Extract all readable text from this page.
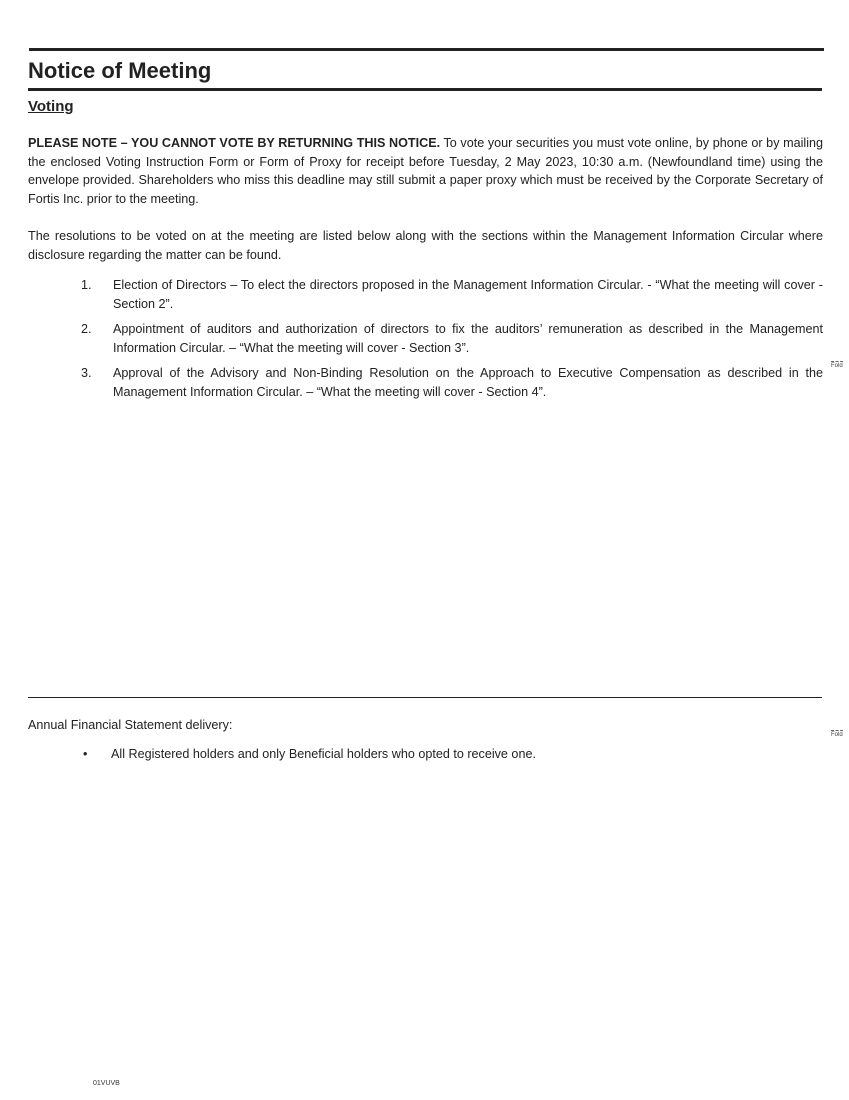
Notice of Meeting
Voting

PLEASE NOTE – YOU CANNOT VOTE BY RETURNING THIS NOTICE. To vote your securities you must vote online, by phone or by mailing the enclosed Voting Instruction Form or Form of Proxy for receipt before Tuesday, 2 May 2023, 10:30 a.m. (Newfoundland time) using the envelope provided. Shareholders who miss this deadline may still submit a paper proxy which must be received by the Corporate Secretary of Fortis Inc. prior to the meeting.

The resolutions to be voted on at the meeting are listed below along with the sections within the Management Information Circular where disclosure regarding the matter can be found.

1. Election of Directors – To elect the directors proposed in the Management Information Circular. - “What the meeting will cover - Section 2”.
2. Appointment of auditors and authorization of directors to fix the auditors’ remuneration as described in the Management Information Circular. – “What the meeting will cover - Section 3”.
3. Approval of the Advisory and Non-Binding Resolution on the Approach to Executive Compensation as described in the Management Information Circular. – “What the meeting will cover - Section 4”.
Fold

Annual Financial Statement delivery:

Fold
• All Registered holders and only Beneficial holders who opted to receive one.

01VUVB
